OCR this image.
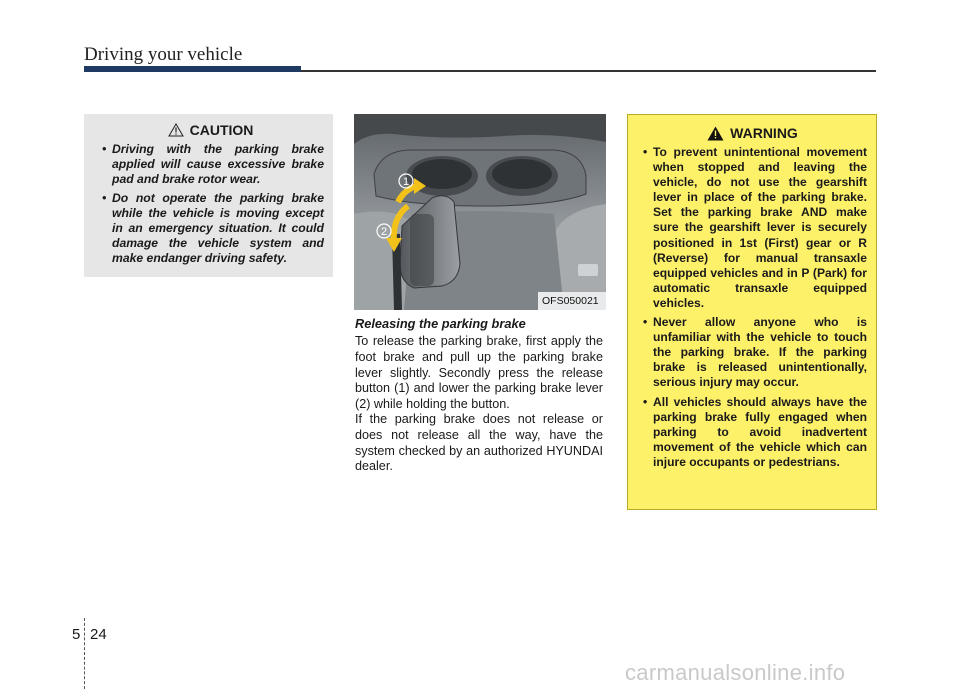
Driving your vehicle
CAUTION
• Driving with the parking brake applied will cause excessive brake pad and brake rotor wear.
• Do not operate the parking brake while the vehicle is moving except in an emergency situation. It could damage the vehicle system and make endanger driving safety.
1
2
OFS050021
Releasing the parking brake

To release the parking brake, first apply the foot brake and pull up the parking brake lever slightly. Secondly press the release button (1) and lower the parking brake lever (2) while holding the button.

If the parking brake does not release or does not release all the way, have the system checked by an authorized HYUNDAI dealer.

WARNING
• To prevent unintentional movement when stopped and leaving the vehicle, do not use the gearshift lever in place of the parking brake. Set the parking brake AND make sure the gearshift lever is securely positioned in 1st (First) gear or R (Reverse) for manual transaxle equipped vehicles and in P (Park) for automatic transaxle equipped vehicles.
• Never allow anyone who is unfamiliar with the vehicle to touch the parking brake. If the parking brake is released unintentionally, serious injury may occur.
• All vehicles should always have the parking brake fully engaged when parking to avoid inadvertent movement of the vehicle which can injure occupants or pedestrians.
5 24
carmanualsonline.info
